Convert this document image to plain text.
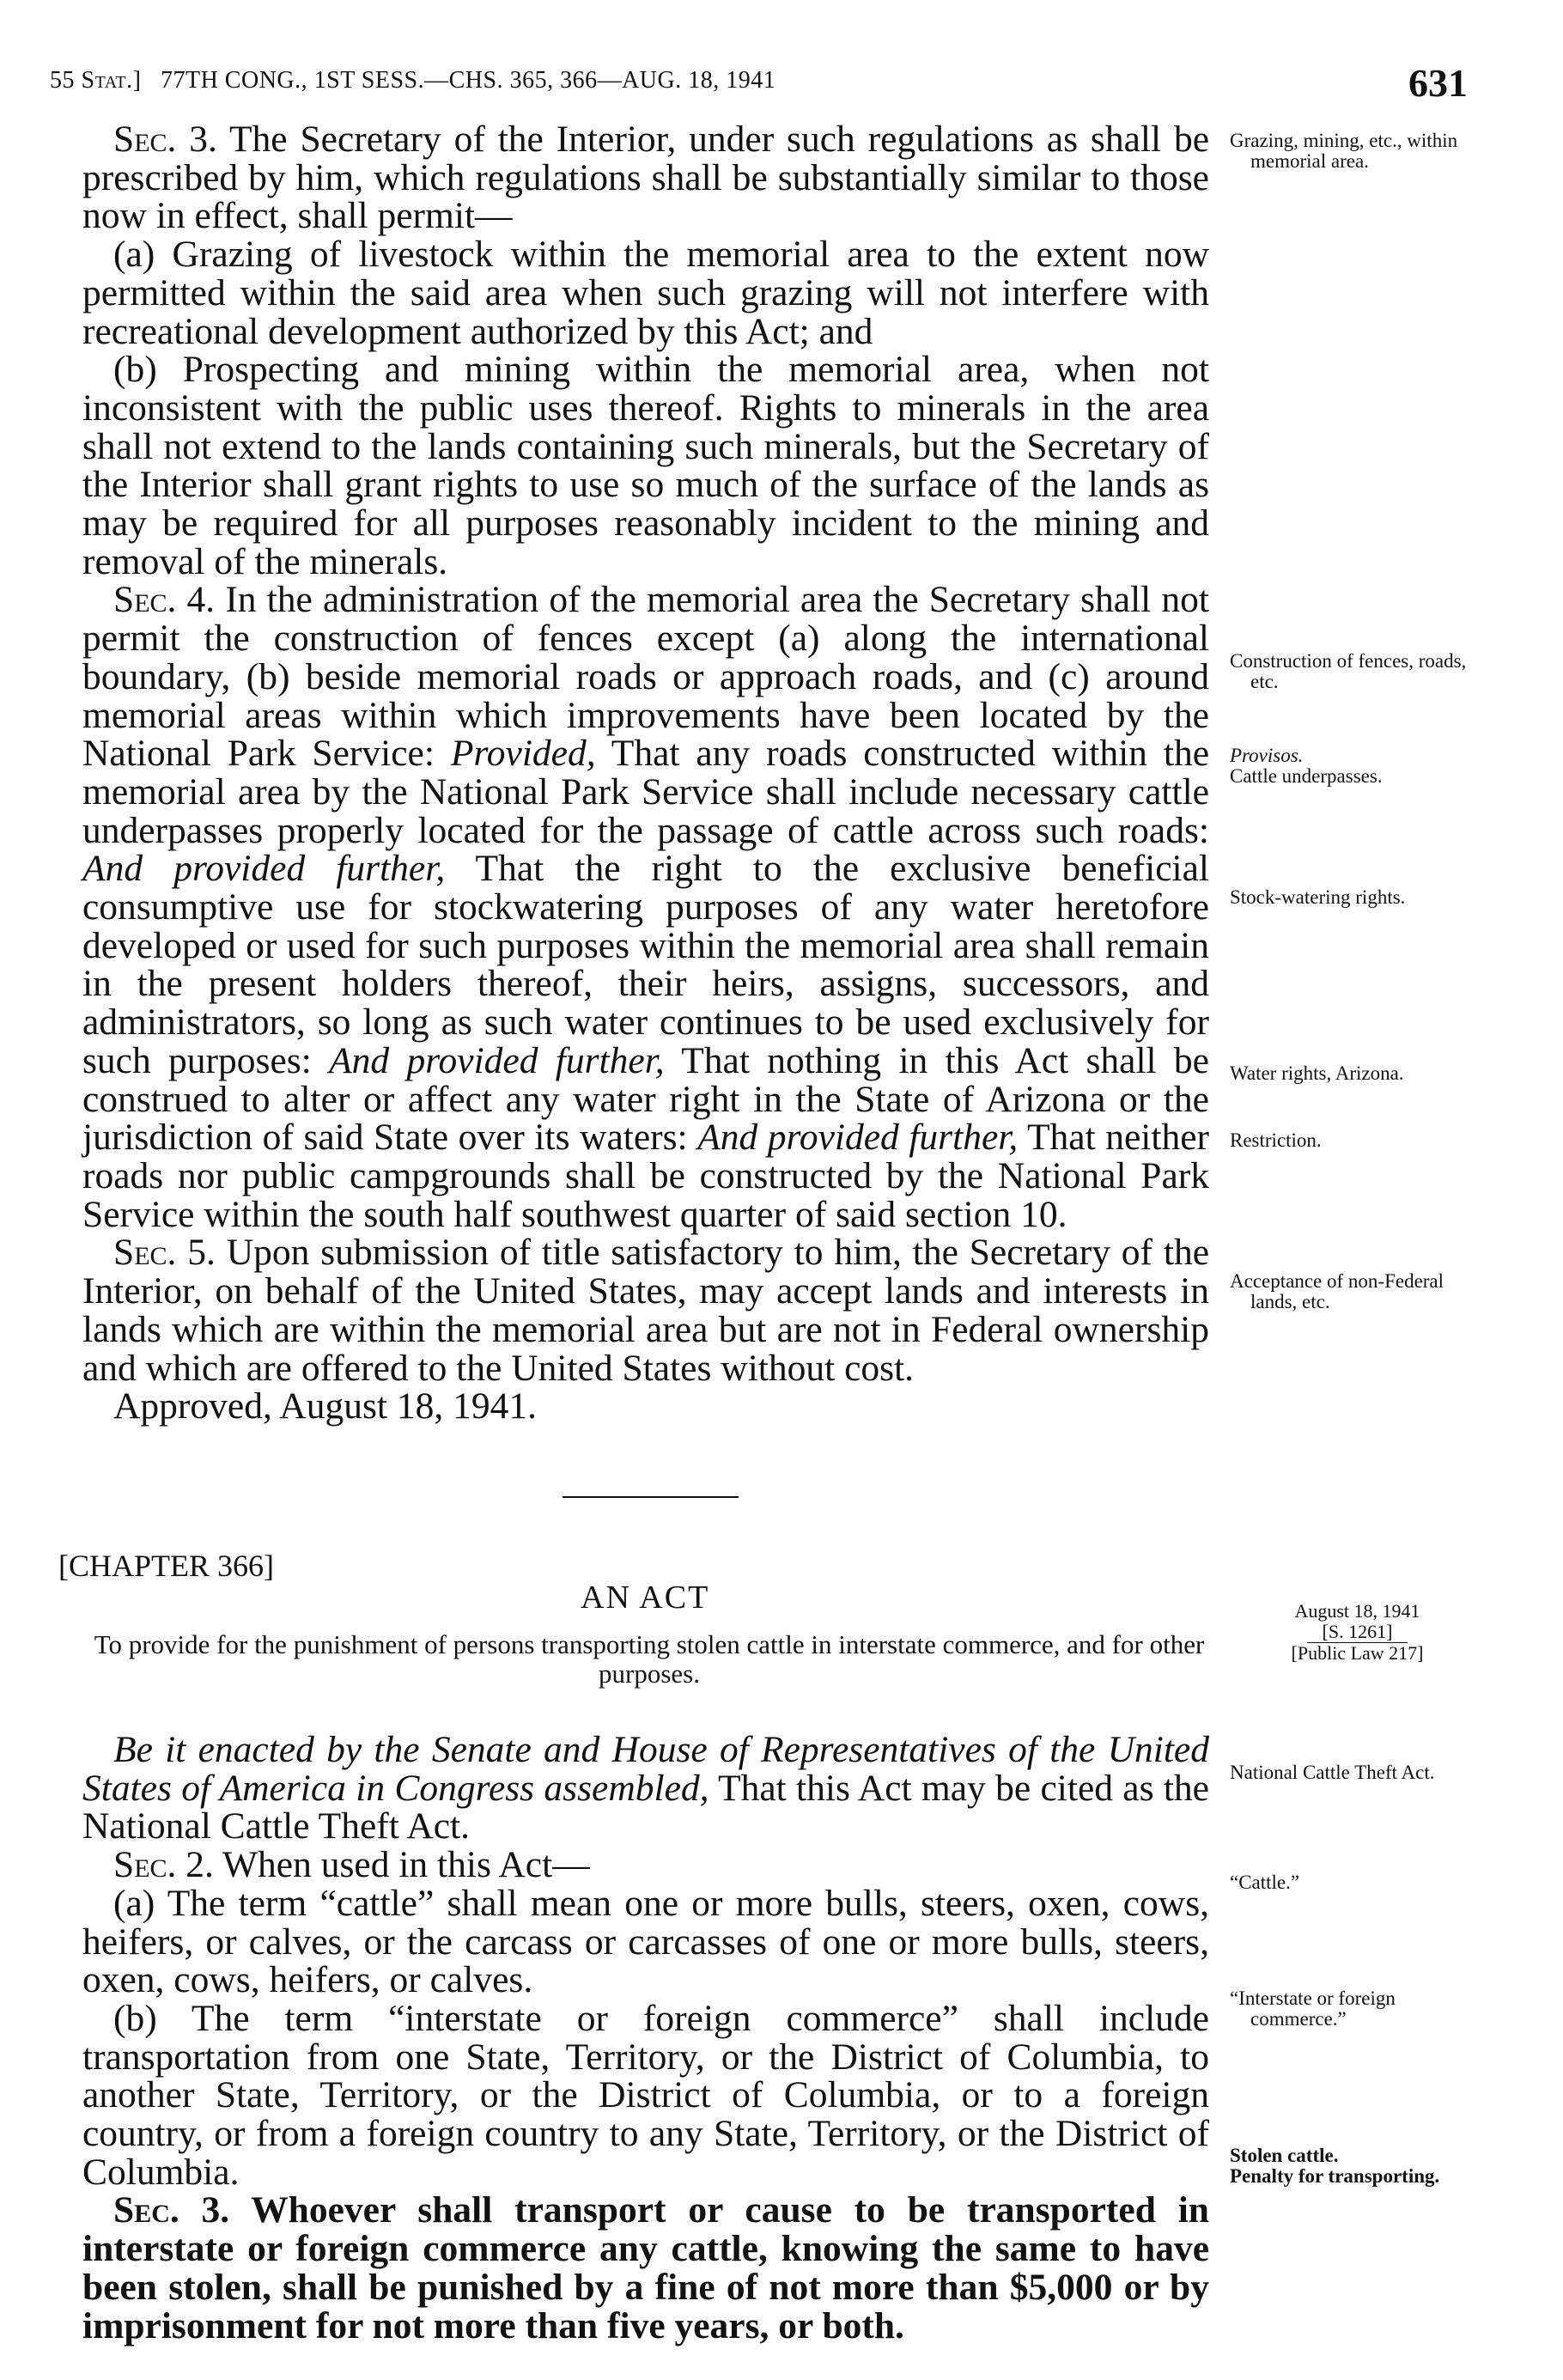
55 Stat.] 77TH CONG., 1ST SESS.—CHS. 365, 366—AUG. 18, 1941	631

Sec. 3. The Secretary of the Interior, under such regulations as shall be prescribed by him, which regulations shall be substantially similar to those now in effect, shall permit—

(a) Grazing of livestock within the memorial area to the extent now permitted within the said area when such grazing will not interfere with recreational development authorized by this Act; and

(b) Prospecting and mining within the memorial area, when not inconsistent with the public uses thereof. Rights to minerals in the area shall not extend to the lands containing such minerals, but the Secretary of the Interior shall grant rights to use so much of the surface of the lands as may be required for all purposes reasonably incident to the mining and removal of the minerals.

Sec. 4. In the administration of the memorial area the Secretary shall not permit the construction of fences except (a) along the international boundary, (b) beside memorial roads or approach roads, and (c) around memorial areas within which improvements have been located by the National Park Service: Provided, That any roads constructed within the memorial area by the National Park Service shall include necessary cattle underpasses properly located for the passage of cattle across such roads: And provided further, That the right to the exclusive beneficial consumptive use for stockwatering purposes of any water heretofore developed or used for such purposes within the memorial area shall remain in the present holders thereof, their heirs, assigns, successors, and administrators, so long as such water continues to be used exclusively for such purposes: And provided further, That nothing in this Act shall be construed to alter or affect any water right in the State of Arizona or the jurisdiction of said State over its waters: And provided further, That neither roads nor public campgrounds shall be constructed by the National Park Service within the south half southwest quarter of said section 10.

Sec. 5. Upon submission of title satisfactory to him, the Secretary of the Interior, on behalf of the United States, may accept lands and interests in lands which are within the memorial area but are not in Federal ownership and which are offered to the United States without cost.

Approved, August 18, 1941.

Grazing, mining, etc., within memorial area.
Construction of fences, roads, etc.
Provisos.
Cattle underpasses.
Stock-watering rights.
Water rights, Arizona.
Restriction.
Acceptance of non-Federal lands, etc.
[CHAPTER 366]
AN ACT
To provide for the punishment of persons transporting stolen cattle in interstate commerce, and for other purposes.
August 18, 1941
[S. 1261]
[Public Law 217]

Be it enacted by the Senate and House of Representatives of the United States of America in Congress assembled, That this Act may be cited as the National Cattle Theft Act.

Sec. 2. When used in this Act—

(a) The term “cattle” shall mean one or more bulls, steers, oxen, cows, heifers, or calves, or the carcass or carcasses of one or more bulls, steers, oxen, cows, heifers, or calves.

(b) The term “interstate or foreign commerce” shall include transportation from one State, Territory, or the District of Columbia, to another State, Territory, or the District of Columbia, or to a foreign country, or from a foreign country to any State, Territory, or the District of Columbia.

Sec. 3. Whoever shall transport or cause to be transported in interstate or foreign commerce any cattle, knowing the same to have been stolen, shall be punished by a fine of not more than $5,000 or by imprisonment for not more than five years, or both.

National Cattle Theft Act.
“Cattle.”
“Interstate or foreign commerce.”
Stolen cattle.
Penalty for transporting.
